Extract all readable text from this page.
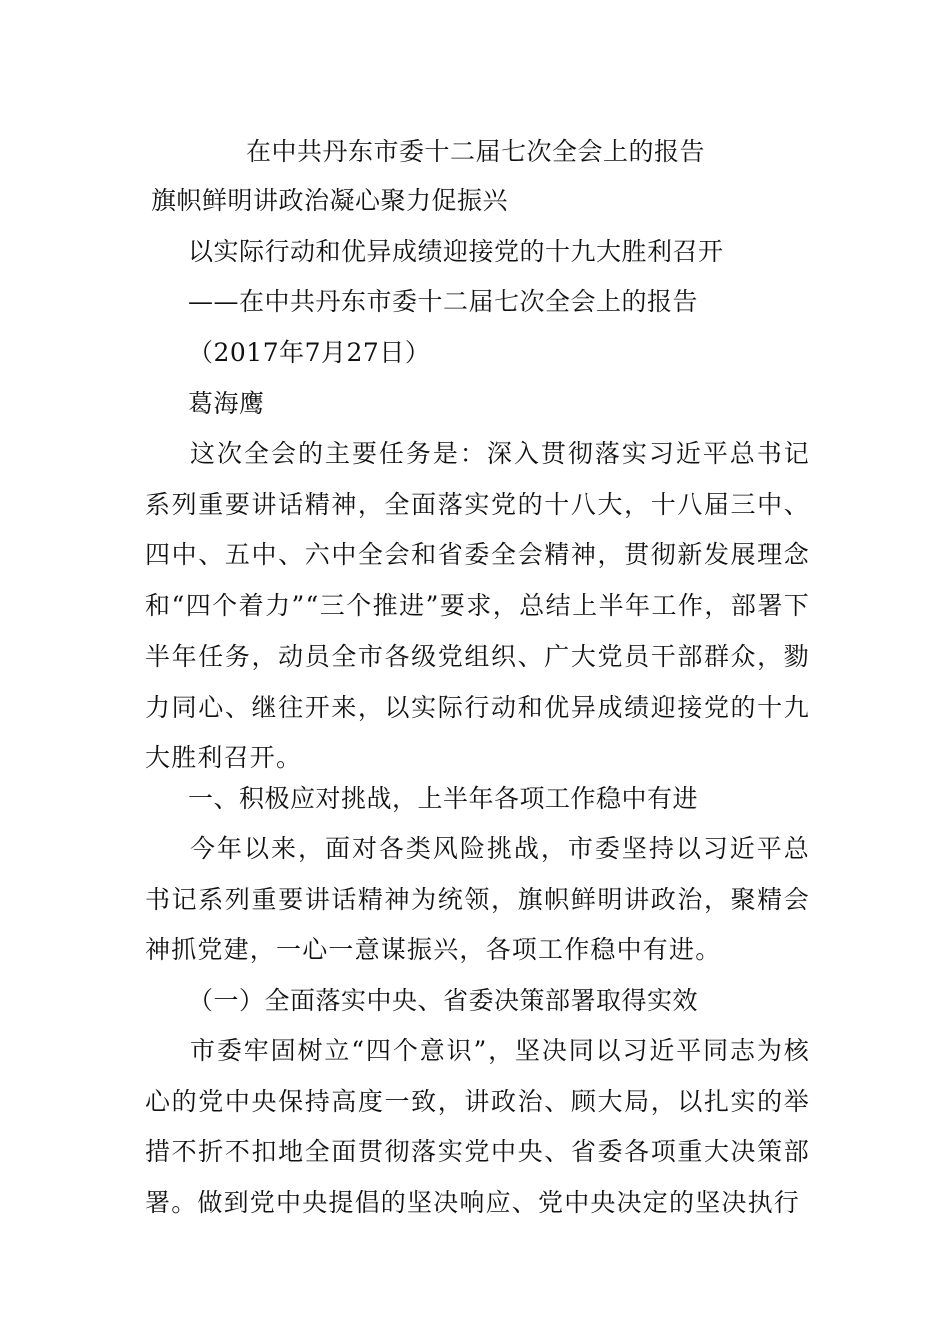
在中共丹东市委十二届七次全会上的报告
旗帜鲜明讲政治凝心聚力促振兴
以实际行动和优异成绩迎接党的十九大胜利召开
——在中共丹东市委十二届七次全会上的报告
（2017年7月27日）
葛海鹰
这次全会的主要任务是：深入贯彻落实习近平总书记系列重要讲话精神，全面落实党的十八大，十八届三中、四中、五中、六中全会和省委全会精神，贯彻新发展理念和“四个着力”“三个推进”要求，总结上半年工作，部署下半年任务，动员全市各级党组织、广大党员干部群众，勠力同心、继往开来，以实际行动和优异成绩迎接党的十九大胜利召开。
一、积极应对挑战，上半年各项工作稳中有进
今年以来，面对各类风险挑战，市委坚持以习近平总书记系列重要讲话精神为统领，旗帜鲜明讲政治，聚精会神抓党建，一心一意谋振兴，各项工作稳中有进。
（一）全面落实中央、省委决策部署取得实效
市委牢固树立“四个意识”，坚决同以习近平同志为核心的党中央保持高度一致，讲政治、顾大局，以扎实的举措不折不扣地全面贯彻落实党中央、省委各项重大决策部署。做到党中央提倡的坚决响应、党中央决定的坚决执行
